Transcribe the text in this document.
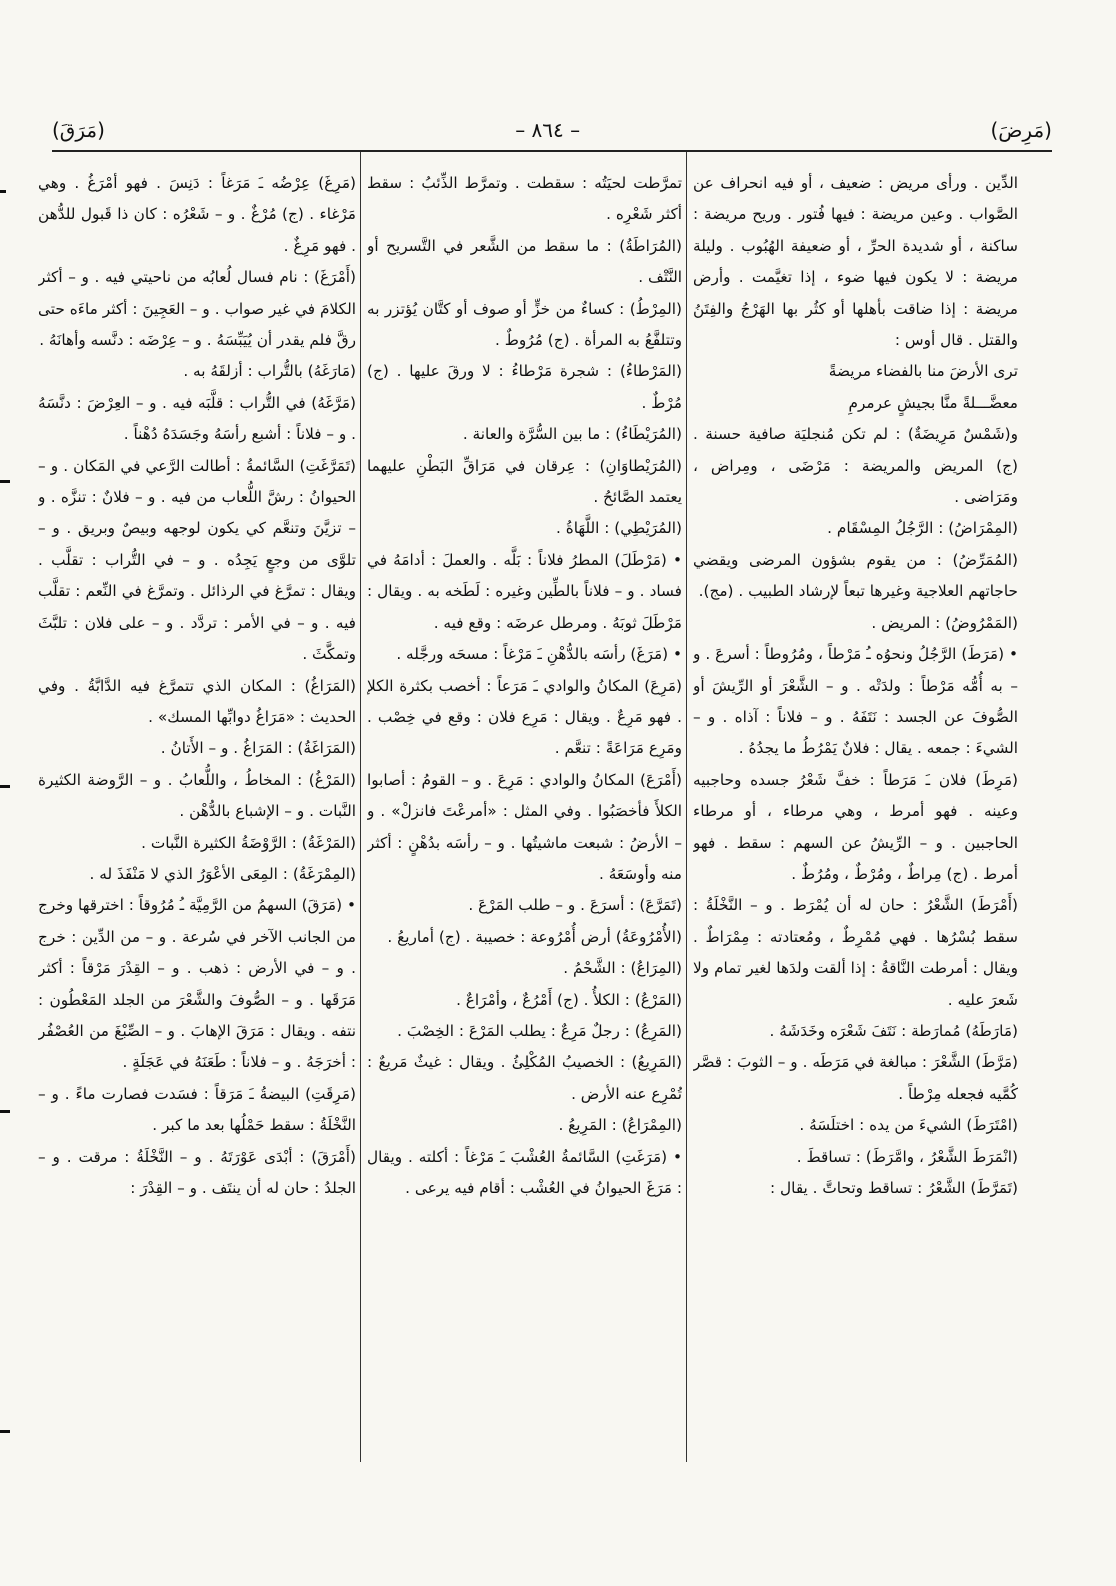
(مَرِضَ)
– ٨٦٤ –
(مَرَقَ)

الدِّين . ورأى مريض : ضعيف ، أو فيه انحراف عن الصَّواب . وعين مريضة : فيها فُتور . وريح مريضة : ساكنة ، أو شديدة الحرِّ ، أو ضعيفة الهُبُوب . وليلة مريضة : لا يكون فيها ضوء ، إذا تغيَّمت . وأرض مريضة : إذا ضاقت بأهلها أو كثُر بها الهَرْجُ والفِتَنُ والقتل . قال أوس :

ترى الأرضَ منا بالفضاء مريضةً

معضَّـــلةً منَّا بجيشٍ عرمرمِ

و(شَمْسٌ مَرِيضَةٌ) : لم تكن مُنجليَة صافية حسنة . (ج) المريض والمريضة : مَرْضَى ، ومِراض ، ومَرَاضى .

(المِمْرَاضُ) : الرَّجُلُ المِسْقَام .

(المُمَرِّضُ) : من يقوم بشؤون المرضى ويقضي حاجاتهم العلاجية وغيرها تبعاً لإرشاد الطبيب . (مج).

(المَمْرُوضُ) : المريض .

• (مَرَطَ) الرَّجُلُ ونحوُه ـُ مَرْطاً ، ومُرُوطاً : أسرعَ . و – به أُمُّه مَرْطاً : ولدَتْه . و – الشَّعْرَ أو الرِّيشَ أو الصُّوفَ عن الجسد : نَتَفَهُ . و – فلاناً : آذاه . و – الشيءَ : جمعه . يقال : فلانٌ يَمْرُطُ ما يجدُهُ .

(مَرِطَ) فلان ـَ مَرَطاً : خفَّ شَعْرُ جسده وحاجبيه وعينه . فهو أمرط ، وهي مرطاء ، أو مرطاء الحاجبين . و – الرِّيشُ عن السهم : سقط . فهو أمرط . (ج) مِراطٌ ، ومُرْطٌ ، ومُرُطٌ .

(أَمْرَطَ) الشَّعْرُ : حان له أن يُمْرَط . و – النَّخْلَةُ : سقط بُسْرُها . فهي مُمْرِطٌ ، ومُعتادته : مِمْرَاطٌ . ويقال : أمرطت النَّاقةُ : إذا ألقت ولدَها لغير تمام ولا شَعرَ عليه .

(مَارَطَهُ) مُمارَطة : نَتَفَ شَعْرَه وخَدَشَهُ .

(مَرَّطَ) الشَّعْرَ : مبالغة في مَرَطَه . و – الثوبَ : قصَّر كُمَّيه فجعله مِرْطاً .

(امْتَرَطَ) الشيءَ من يده : اختلَسَهُ .

(انْمَرَطَ الشَّعْرُ ، وامَّرَطَ) : تساقطَ .

(تَمَرَّطَ) الشَّعْرُ : تساقط وتحاتَّ . يقال :

تمرَّطت لحيَتُه : سقطت . وتمرَّط الذِّئبُ : سقط أكثر شَعْرِه .

(المُرَاطَةُ) : ما سقط من الشَّعر في التَّسريح أو النَّتْف .

(المِرْطُ) : كساءٌ من خزٍّ أو صوف أو كتَّان يُؤتزر به وتتلفَّعُ به المرأة . (ج) مُرُوطٌ .

(المَرْطاءُ) : شجرة مَرْطاءُ : لا ورقَ عليها . (ج) مُرْطٌ .

(المُرَيْطَاءُ) : ما بين السُّرَّة والعانة .

(المُرَيْطاوَانِ) : عِرقان في مَرَاقِّ البَطْنِ عليهما يعتمد الصَّائحُ .

(المُرَيْطِي) : اللَّهَاةُ .

• (مَرْطَلَ) المطرُ فلاناً : بَلَّه . والعملَ : أدامَهُ في فساد . و – فلاناً بالطِّين وغيره : لَطَخه به . ويقال : مَرْطَلَ ثوبَهُ . ومرطل عرضَه : وقع فيه .

• (مَرَغَ) رأسَه بالدُّهْنِ ـَ مَرْغاً : مسحَه ورجَّله .

(مَرِعَ) المكانُ والوادي ـَ مَرَعاً : أخصب بكثرة الكلإ . فهو مَرِعٌ . ويقال : مَرِع فلان : وقع في خِصْب . ومَرِع مَرَاعَةً : تنعَّم .

(أَمْرَعَ) المكانُ والوادي : مَرِعَ . و – القومُ : أصابوا الكلأَ فأخصَبُوا . وفي المثل : «أمرعْتَ فانزلْ» . و – الأرضُ : شبعت ماشيتُها . و – رأسَه بدُهْنٍ : أكثر منه وأوسَعَهُ .

(تَمَرَّعَ) : أسرَعَ . و – طلب المَرْعَ .

(الأُمْرُوعَةُ) أرض أُمْرُوعة : خصيبة . (ج) أماريعُ .

(المِرَاعُ) : الشَّحْمُ .

(المَرْعُ) : الكلأُ . (ج) أَمْرُعٌ ، وأمْرَاعٌ .

(المَرِعُ) : رجلٌ مَرِعٌ : يطلب المَرْعَ : الخِصْبَ .

(المَرِيعُ) : الخصيبُ المُكْلِئُ . ويقال : غيثٌ مَريعٌ : تُمْرِع عنه الأرض .

(المِمْرَاعُ) : المَرِيعُ .

• (مَرَغَتِ) السَّائمةُ العُشْبَ ـَ مَرْغاً : أكلته . ويقال : مَرَغَ الحيوانُ في العُشْب : أقام فيه يرعى .

(مَرِغَ) عِرْضُه ـَ مَرَغاً : دَنِسَ . فهو أمْرَغُ . وهي مَرْغاء . (ج) مُرْغٌ . و – شَعْرُه : كان ذا قَبول للدُّهن . فهو مَرِغٌ .

(أَمْرَغَ) : نام فسال لُعابُه من ناحيتي فيه . و – أكثر الكلامَ في غير صواب . و – العَجِينَ : أكثر ماءَه حتى رقَّ فلم يقدر أن يُيَبِّسَهُ . و – عِرْضَه : دنَّسه وأهانَهُ .

(مَارَغَهُ) بالتُّراب : أزلقَهُ به .

(مَرَّغَهُ) في التُّراب : قلَّبَه فيه . و – العِرْضَ : دنَّسَهُ . و – فلاناً : أشبع رأسَهُ وجَسَدَهُ دُهْناً .

(تَمَرَّغَتِ) السَّائمةُ : أطالت الرَّعي في المَكان . و – الحيوانُ : رشَّ اللُّعاب من فيه . و – فلانٌ : تنزَّه . و – تزيَّنَ وتنعَّم كي يكون لوجهه وبيصٌ وبريق . و – تلوَّى من وجعٍ يَجِدُه . و – في التُّراب : تقلَّب . ويقال : تمرَّغ في الرذائل . وتمرَّغ في النِّعم : تقلَّب فيه . و – في الأمر : تردَّد . و – على فلان : تلبَّثَ وتمكَّثَ .

(المَرَاغُ) : المكان الذي تتمرَّغ فيه الدَّابَّةُ . وفي الحديث : «مَرَاغُ دوابِّها المسك» .

(المَرَاغَةُ) : المَرَاغُ . و – الأَتانُ .

(المَرْغُ) : المخاطُ ، واللُّعابُ . و – الرَّوضة الكثيرة النَّبات . و – الإشباع بالدُّهْن .

(المَرْغَةُ) : الرَّوْضَةُ الكثيرة النَّبات .

(المِمْرَغَةُ) : المِعَى الأعْوَرُ الذي لا مَنْفَذَ له .

• (مَرَقَ) السهمُ من الرَّمِيَّة ـُ مُرُوقاً : اخترقها وخرج من الجانب الآخر في سُرعة . و – من الدِّين : خرج . و – في الأرض : ذهب . و – القِدْرَ مَرْقاً : أكثر مَرَقَها . و – الصُّوفَ والشَّعْرَ من الجلد المَعْطُون : نتفه . ويقال : مَرَقَ الإهابَ . و – الصِّبْغَ من العُصْفُر : أخرَجَهُ . و – فلاناً : طَعَنَهُ في عَجَلَةٍ .

(مَرِقَتِ) البيضةُ ـَ مَرَقاً : فسَدت فصارت ماءً . و – النَّخْلَةُ : سقط حَمْلُها بعد ما كبر .

(أَمْرَقَ) : أبْدَى عَوْرَتَهُ . و – النَّخْلَةُ : مرقت . و – الجلدُ : حان له أن ينتَف . و – القِدْرَ :
